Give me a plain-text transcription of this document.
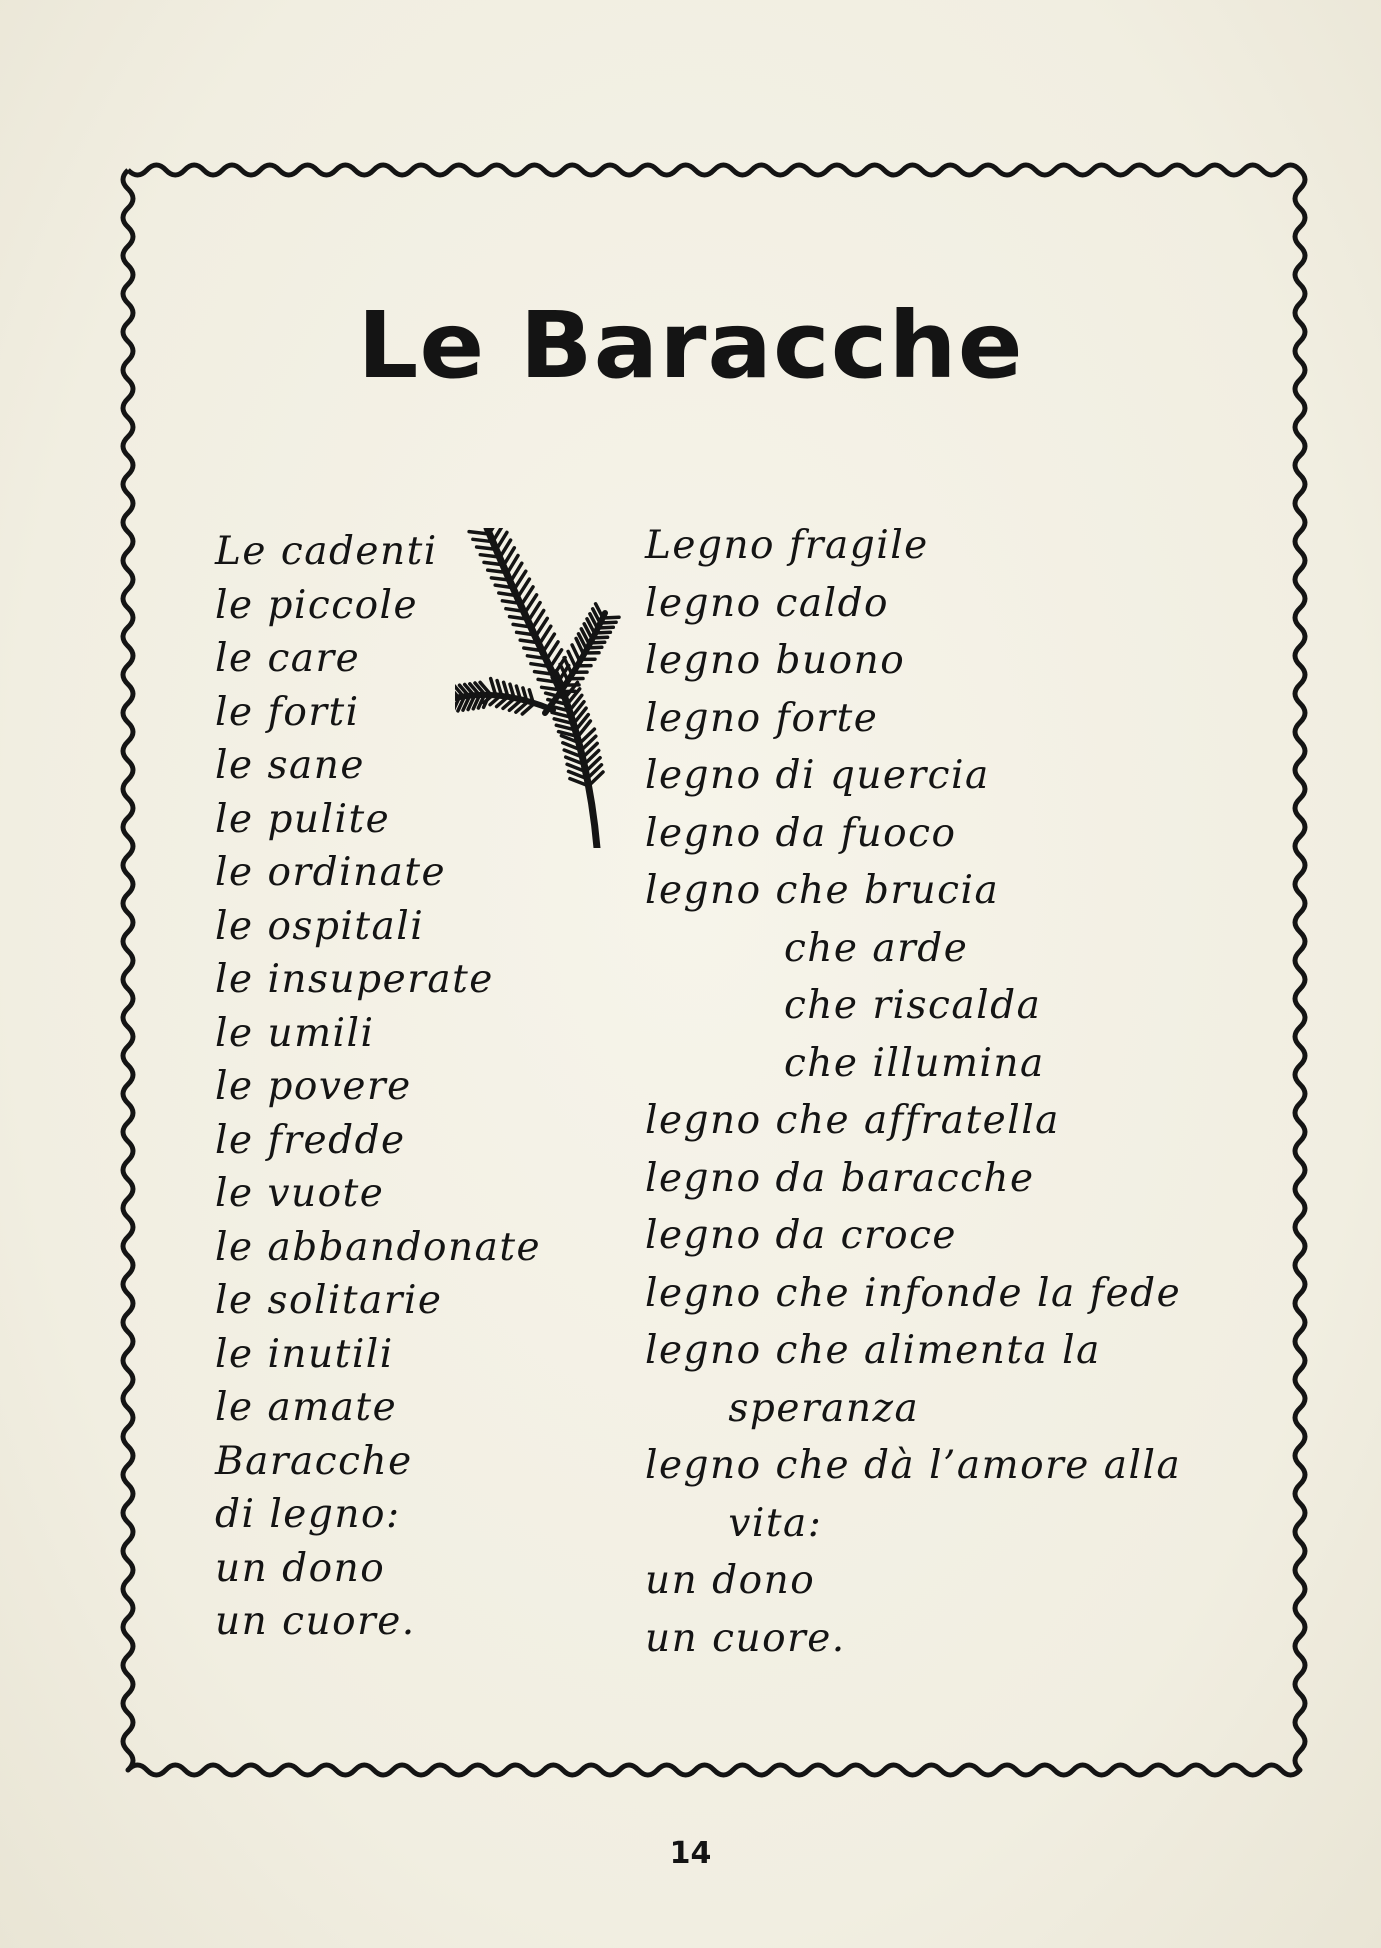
Le Baracche
Le cadenti
le piccole
le care
le forti
le sane
le pulite
le ordinate
le ospitali
le insuperate
le umili
le povere
le fredde
le vuote
le abbandonate
le solitarie
le inutili
le amate
Baracche
di legno:
un dono
un cuore.
Legno fragile
legno caldo
legno buono
legno forte
legno di quercia
legno da fuoco
legno che brucia
che arde
che riscalda
che illumina
legno che affratella
legno da baracche
legno da croce
legno che infonde la fede
legno che alimenta la
speranza
legno che dà l’amore alla
vita:
un dono
un cuore.
14
